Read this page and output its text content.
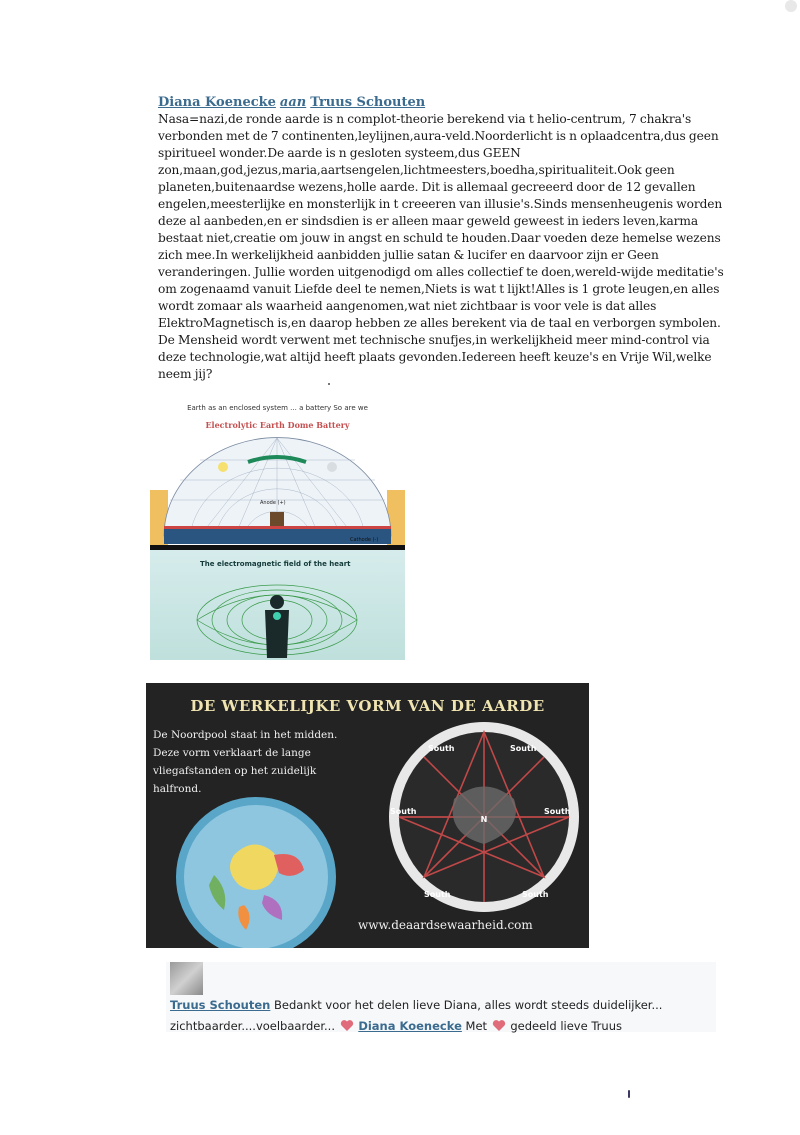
Diana Koenecke aan Truus Schouten

Nasa=nazi,de ronde aarde is n complot-theorie berekend via t helio-centrum, 7 chakra's verbonden met de 7 continenten,leylijnen,aura-veld.Noorderlicht is n oplaadcentra,dus geen spiritueel wonder.De aarde is n gesloten systeem,dus GEEN zon,maan,god,jezus,maria,aartsengelen,lichtmeesters,boedha,spiritualiteit.Ook geen planeten,buitenaardse wezens,holle aarde. Dit is allemaal gecreeerd door de 12 gevallen engelen,meesterlijke en monsterlijk in t creeeren van illusie's.Sinds mensenheugenis worden deze al aanbeden,en er sindsdien is er alleen maar geweld geweest in ieders leven,karma bestaat niet,creatie om jouw in angst en schuld te houden.Daar voeden deze hemelse wezens zich mee.In werkelijkheid aanbidden jullie satan & lucifer en daarvoor zijn er Geen veranderingen. Jullie worden uitgenodigd om alles collectief te doen,wereld-wijde meditatie's om zogenaamd vanuit Liefde deel te nemen,Niets is wat t lijkt!Alles is 1 grote leugen,en alles wordt zomaar als waarheid aangenomen,wat niet zichtbaar is voor vele is dat alles ElektroMagnetisch is,en daarop hebben ze alles berekent via de taal en verborgen symbolen. De Mensheid wordt verwent met technische snufjes,in werkelijkheid meer mind-control via deze technologie,wat altijd heeft plaats gevonden.Iedereen heeft keuze's en Vrije Wil,welke neem jij?

Earth as an enclosed system ... a battery So are we
Electrolytic Earth Dome Battery
Anode (+)
Cathode (-)
The electromagnetic field of the heart
DE WERKELIJKE VORM VAN DE AARDE

De Noordpool staat in het midden. Deze vorm verklaart de lange vliegafstanden op het zuidelijk halfrond.

N
South	South
South	South
South	South
www.deaardsewaarheid.com

Truus Schouten Bedankt voor het delen lieve Diana, alles wordt steeds duidelijker... zichtbaarder....voelbaarder... Diana Koenecke Met gedeeld lieve Truus
